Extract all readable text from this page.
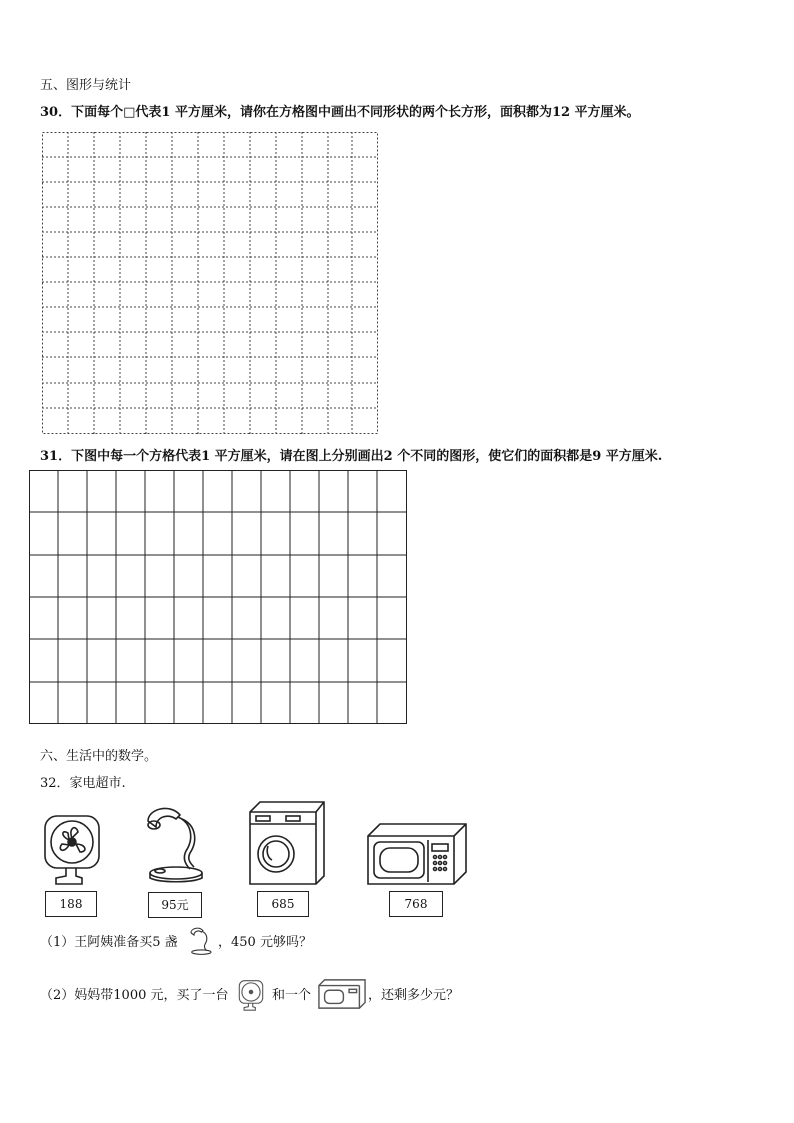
五、图形与统计
30．下面每个□代表1 平方厘米，请你在方格图中画出不同形状的两个长方形，面积都为12 平方厘米。
31．下图中每一个方格代表1 平方厘米，请在图上分别画出2 个不同的图形，使它们的面积都是9 平方厘米.
六、生活中的数学。
32．家电超市.
188	95元	685	768
（1）王阿姨准备买5 盏	，450 元够吗？
（2）妈妈带1000 元，买了一台	和一个	，还剩多少元？
